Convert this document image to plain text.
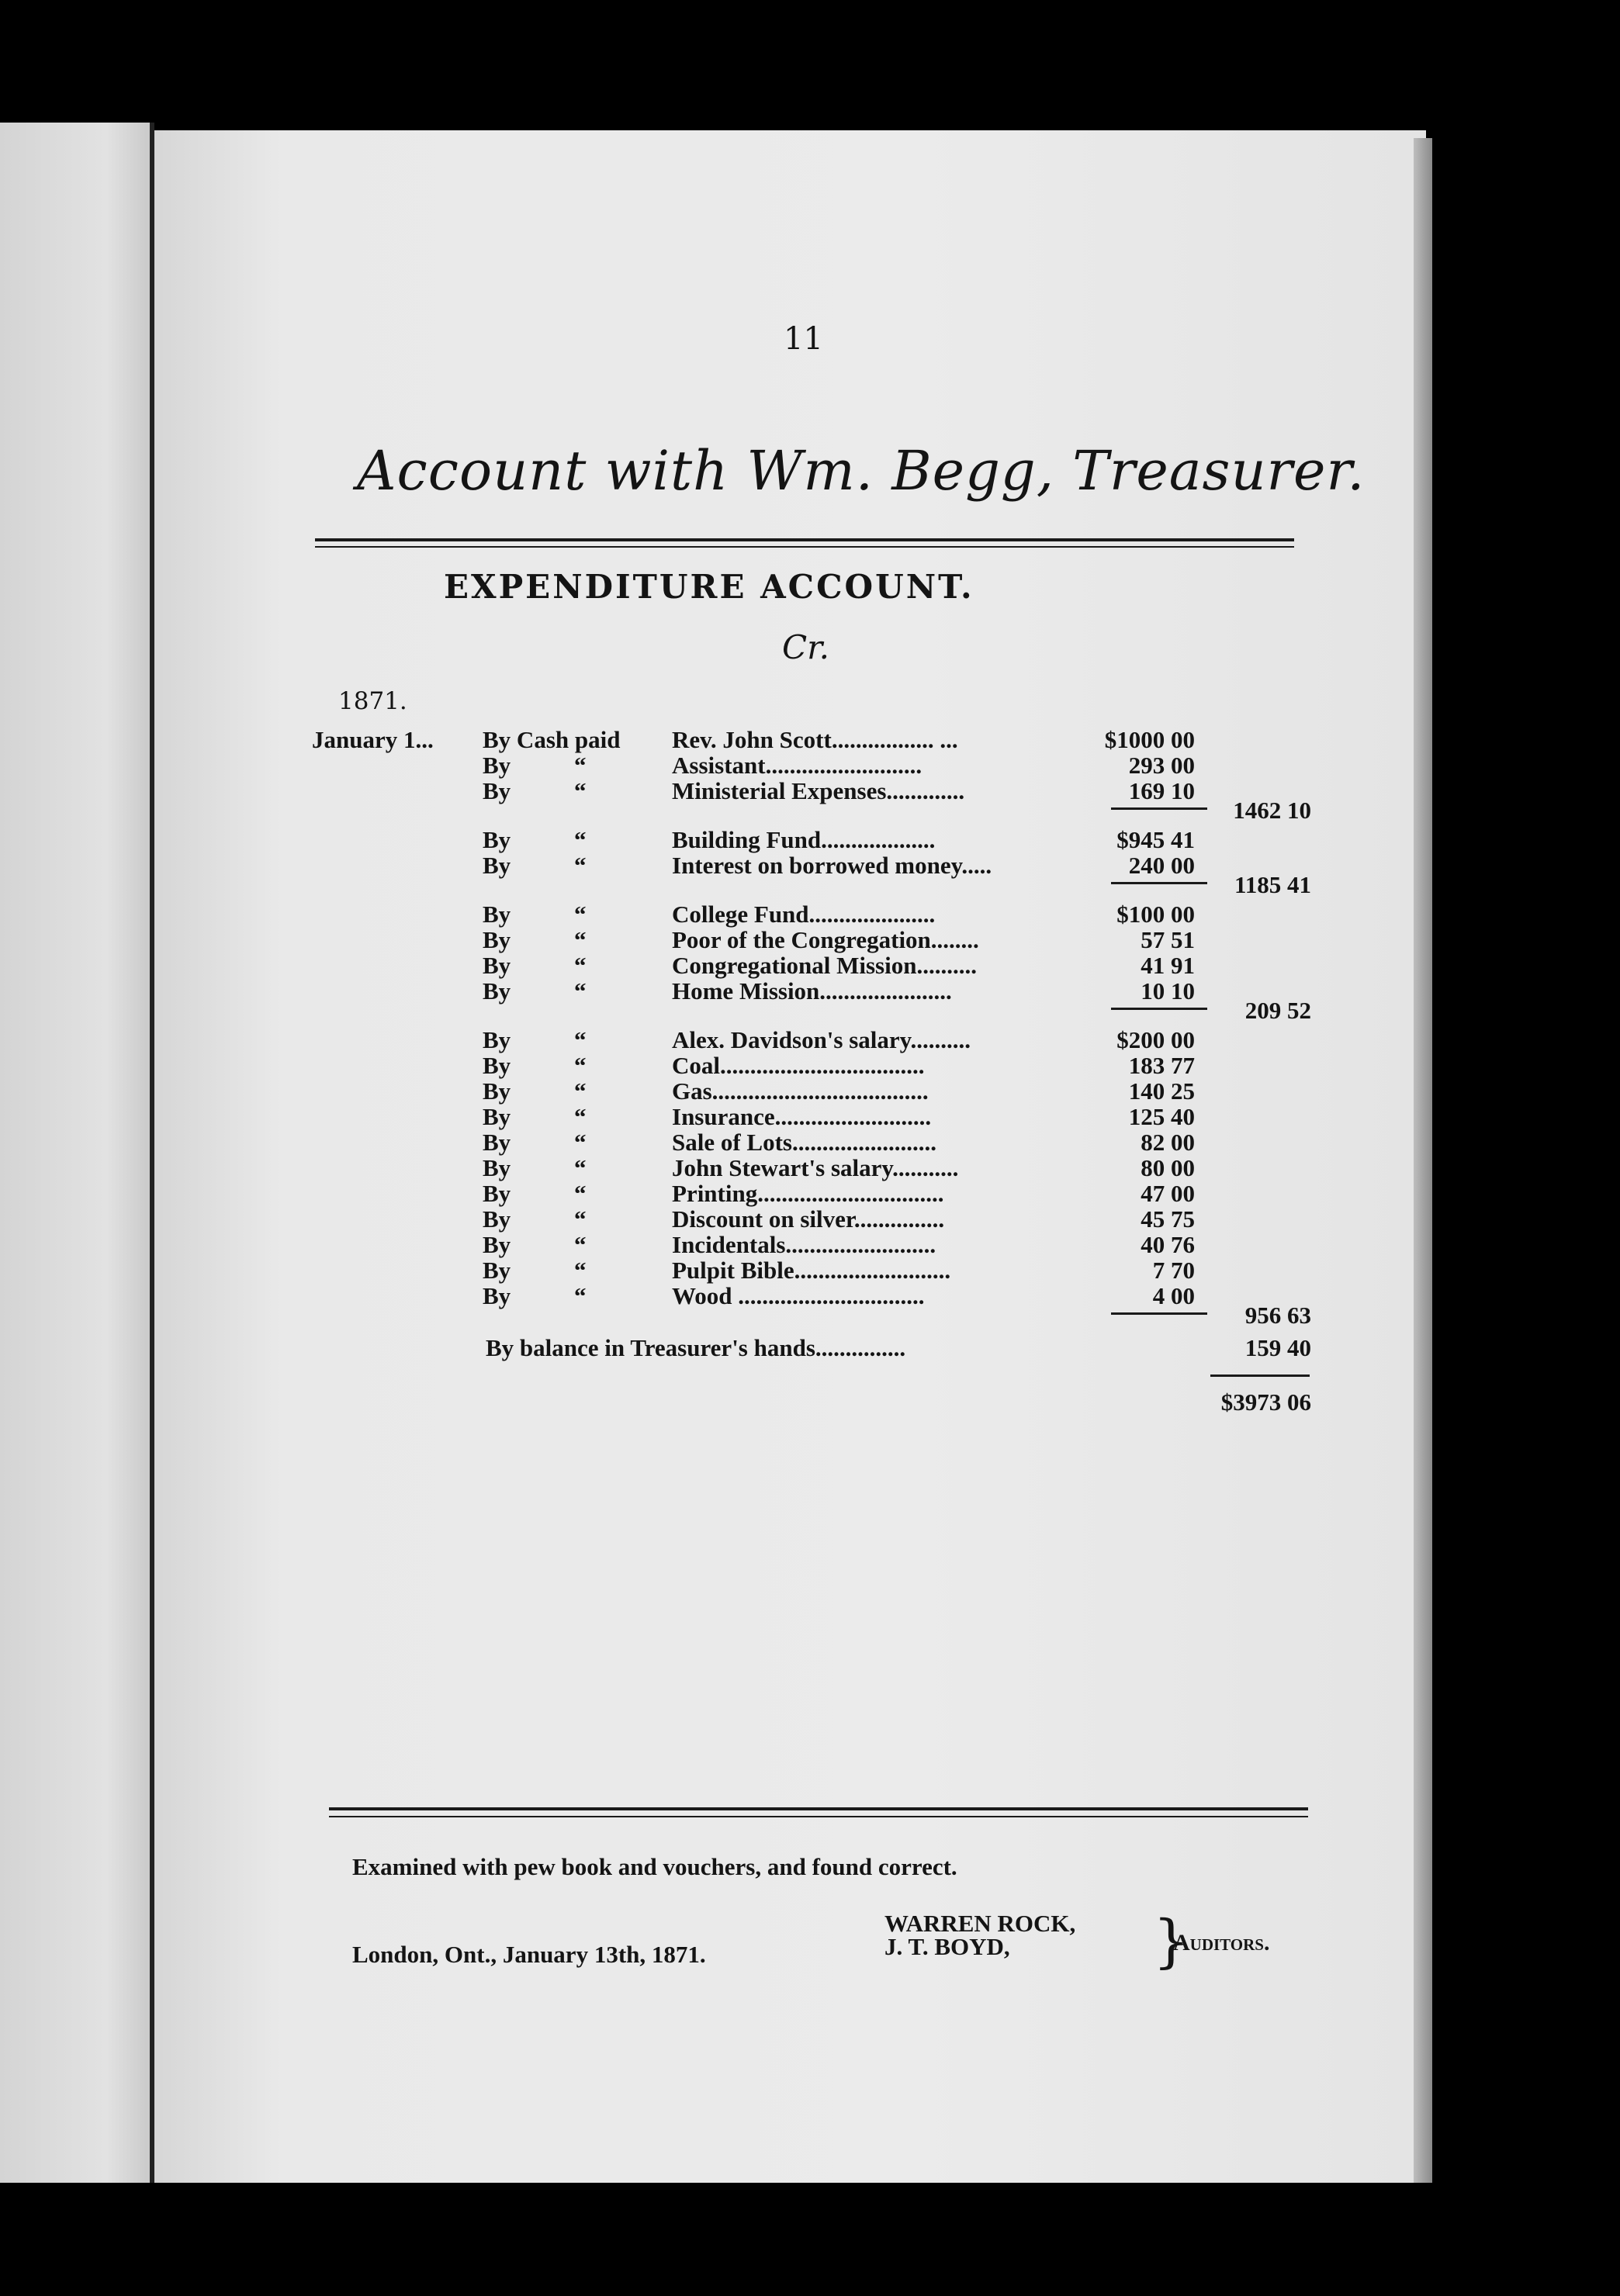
11
Account with Wm. Begg, Treasurer.
EXPENDITURE ACCOUNT.
Cr.
1871.
January 1... By Cash paid Rev. John Scott................. ...	$1000 00
By	“	Assistant..........................	293 00
By	“	Ministerial Expenses.............	169 10
1462 10
By	“	Building Fund...................	$945 41
By	“	Interest on borrowed money.....	240 00
1185 41
By	“	College Fund.....................	$100 00
By	“	Poor of the Congregation........	57 51
By	“	Congregational Mission..........	41 91
By	“	Home Mission......................	10 10
209 52
By	“	Alex. Davidson's salary..........	$200 00
By	“	Coal..................................	183 77
By	“	Gas....................................	140 25
By	“	Insurance..........................	125 40
By	“	Sale of Lots........................	82 00
By	“	John Stewart's salary...........	80 00
By	“	Printing...............................	47 00
By	“	Discount on silver...............	45 75
By	“	Incidentals.........................	40 76
By	“	Pulpit Bible..........................	7 70
By	“	Wood ...............................	4 00
956 63
By balance in Treasurer's hands...............	159 40
$3973 06
Examined with pew book and vouchers, and found correct.
London, Ont., January 13th, 1871.
WARREN ROCK,
J. T. BOYD, }
Auditors.
